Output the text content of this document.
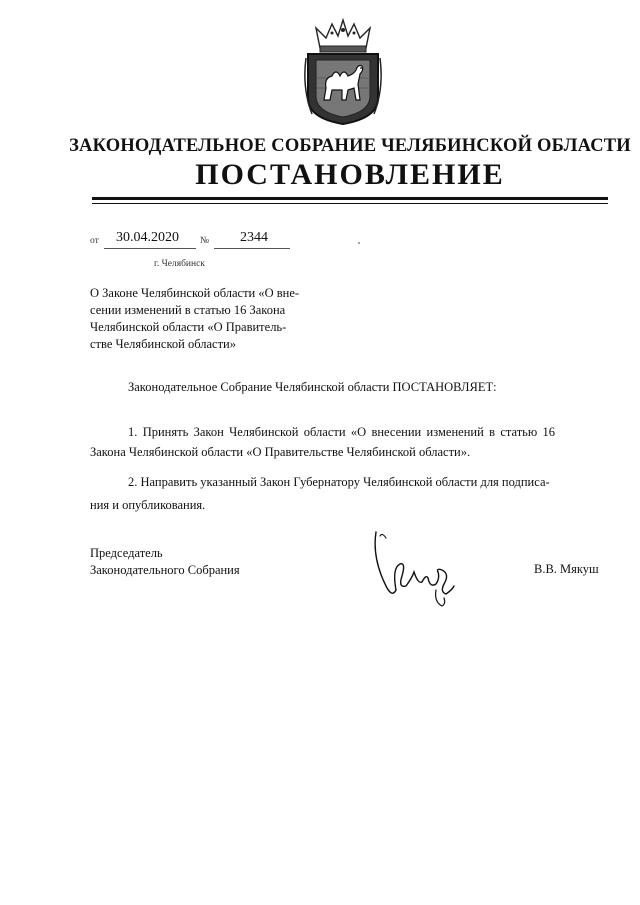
ЗАКОНОДАТЕЛЬНОЕ СОБРАНИЕ ЧЕЛЯБИНСКОЙ ОБЛАСТИ
ПОСТАНОВЛЕНИЕ
от 30.04.2020 № 2344
г. Челябинск
О Законе Челябинской области «О вне-
сении изменений в статью 16 Закона
Челябинской области «О Правитель-
стве Челябинской области»
Законодательное Собрание Челябинской области ПОСТАНОВЛЯЕТ:
1. Принять Закон Челябинской области «О внесении изменений в статью 16
Закона Челябинской области «О Правительстве Челябинской области».
2. Направить указанный Закон Губернатору Челябинской области для подписа-
ния и опубликования.
Председатель
Законодательного Собрания	В.В. Мякуш
